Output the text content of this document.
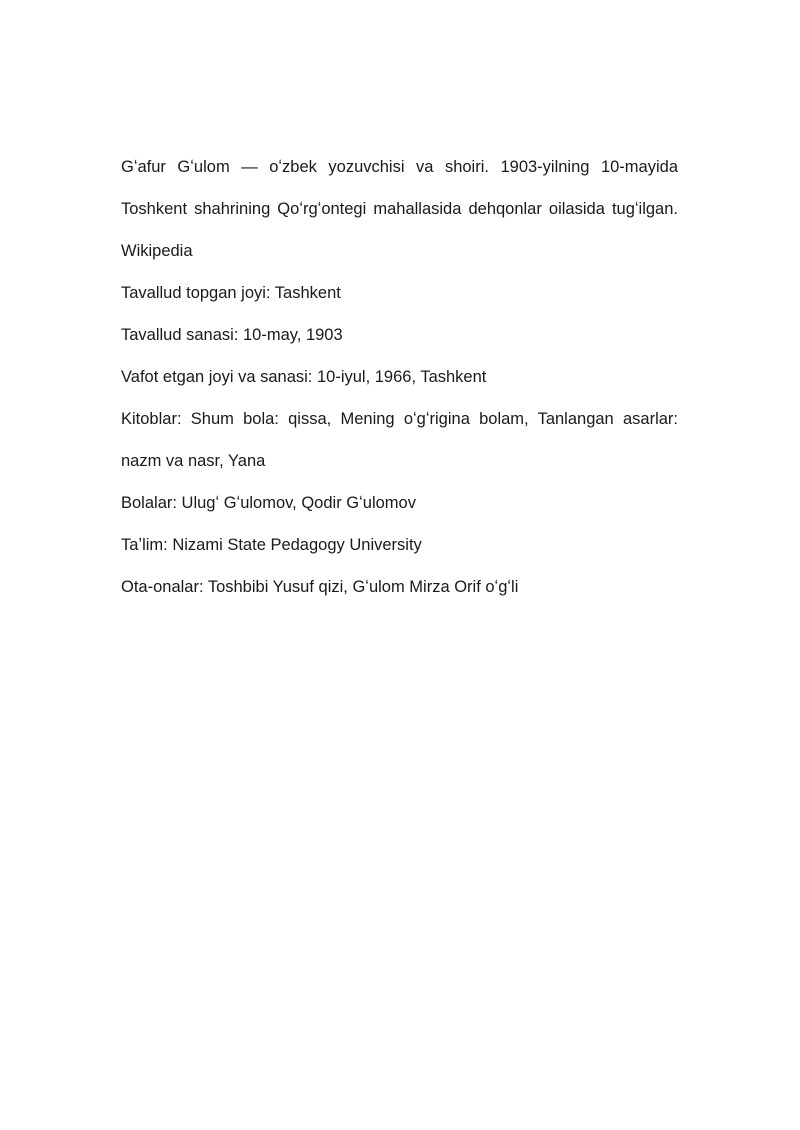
Gʻafur Gʻulom — oʻzbek yozuvchisi va shoiri. 1903-yilning 10-mayida Toshkent shahrining Qoʻrgʻontegi mahallasida dehqonlar oilasida tugʻilgan. Wikipedia

Tavallud topgan joyi: Tashkent

Tavallud sanasi: 10-may, 1903

Vafot etgan joyi va sanasi: 10-iyul, 1966, Tashkent

Kitoblar: Shum bola: qissa, Mening oʻgʻrigina bolam, Tanlangan asarlar: nazm va nasr, Yana

Bolalar: Ulugʻ Gʻulomov, Qodir Gʻulomov

Taʼlim: Nizami State Pedagogy University

Ota-onalar: Toshbibi Yusuf qizi, Gʻulom Mirza Orif oʻgʻli
